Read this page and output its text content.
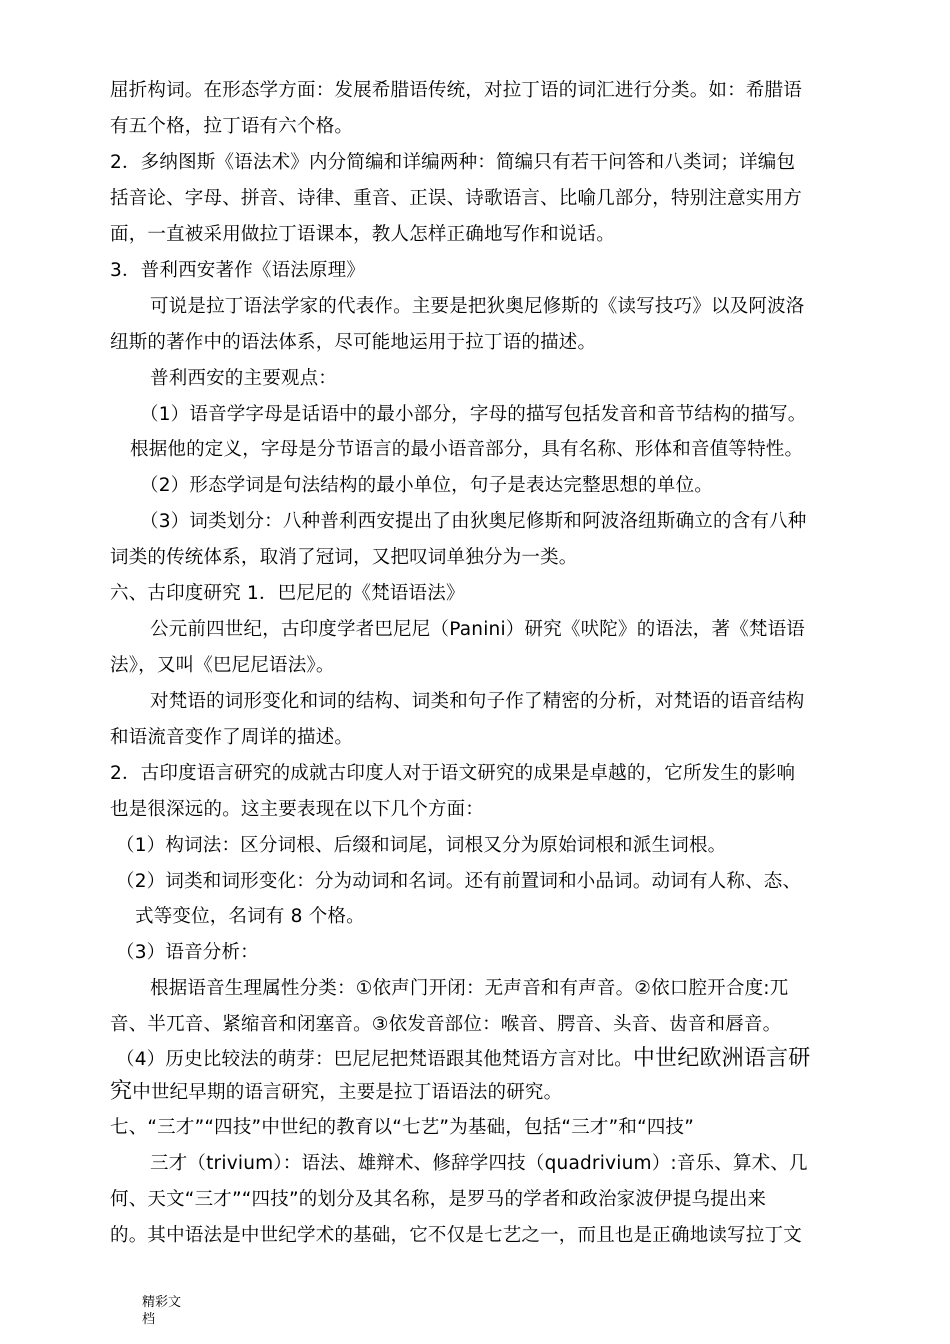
屈折构词。在形态学方面：发展希腊语传统，对拉丁语的词汇进行分类。如：希腊语
有五个格，拉丁语有六个格。
2．多纳图斯《语法术》内分简编和详编两种：简编只有若干问答和八类词；详编包
括音论、字母、拼音、诗律、重音、正误、诗歌语言、比喻几部分，特别注意实用方
面，一直被采用做拉丁语课本，教人怎样正确地写作和说话。
3．普利西安著作《语法原理》
可说是拉丁语法学家的代表作。主要是把狄奥尼修斯的《读写技巧》以及阿波洛
纽斯的著作中的语法体系，尽可能地运用于拉丁语的描述。
普利西安的主要观点：
（1）语音学字母是话语中的最小部分，字母的描写包括发音和音节结构的描写。
根据他的定义，字母是分节语言的最小语音部分，具有名称、形体和音值等特性。
（2）形态学词是句法结构的最小单位，句子是表达完整思想的单位。
（3）词类划分：八种普利西安提出了由狄奥尼修斯和阿波洛纽斯确立的含有八种
词类的传统体系，取消了冠词，又把叹词单独分为一类。
六、古印度研究 1．巴尼尼的《梵语语法》
公元前四世纪，古印度学者巴尼尼（Panini）研究《吠陀》的语法，著《梵语语
法》，又叫《巴尼尼语法》。
对梵语的词形变化和词的结构、词类和句子作了精密的分析，对梵语的语音结构
和语流音变作了周详的描述。
2．古印度语言研究的成就古印度人对于语文研究的成果是卓越的，它所发生的影响
也是很深远的。这主要表现在以下几个方面：
（1）构词法：区分词根、后缀和词尾，词根又分为原始词根和派生词根。
（2）词类和词形变化：分为动词和名词。还有前置词和小品词。动词有人称、态、
式等变位，名词有 8 个格。
（3）语音分析：
根据语音生理属性分类：①依声门开闭：无声音和有声音。②依口腔开合度:兀
音、半兀音、紧缩音和闭塞音。③依发音部位：喉音、腭音、头音、齿音和唇音。
（4）历史比较法的萌芽：巴尼尼把梵语跟其他梵语方言对比。中世纪欧洲语言研
究中世纪早期的语言研究，主要是拉丁语语法的研究。
七、“三才”“四技”中世纪的教育以“七艺”为基础，包括“三才”和“四技”
三才（trivium）：语法、雄辩术、修辞学四技（quadrivium）:音乐、算术、几
何、天文“三才”“四技”的划分及其名称，是罗马的学者和政治家波伊提乌提出来
的。其中语法是中世纪学术的基础，它不仅是七艺之一，而且也是正确地读写拉丁文
精彩文
档
